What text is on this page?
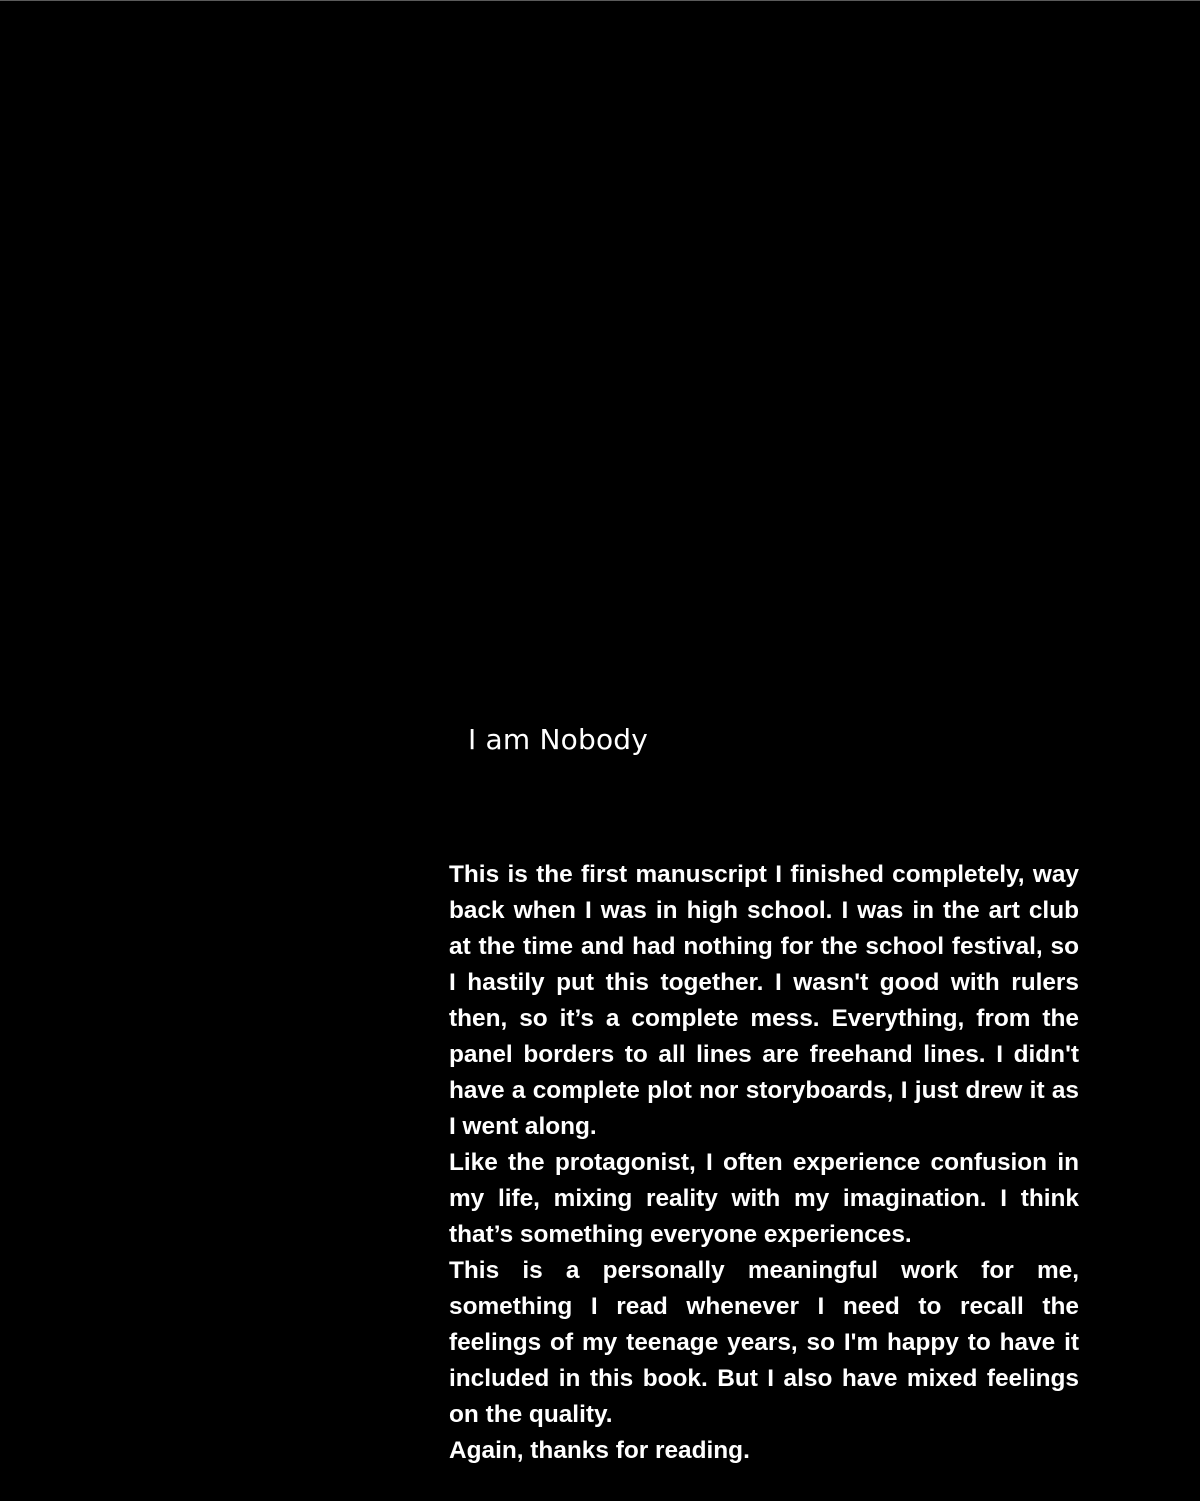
I am Nobody

This is the first manuscript I finished completely, way back when I was in high school. I was in the art club at the time and had nothing for the school festival, so I hastily put this together. I wasn't good with rulers then, so it’s a complete mess. Everything, from the panel borders to all lines are freehand lines. I didn't have a complete plot nor storyboards, I just drew it as I went along.

Like the protagonist, I often experience confusion in my life, mixing reality with my imagination. I think that’s something everyone experiences.

This is a personally meaningful work for me, something I read whenever I need to recall the feelings of my teenage years, so I'm happy to have it included in this book. But I also have mixed feelings on the quality.

Again, thanks for reading.
